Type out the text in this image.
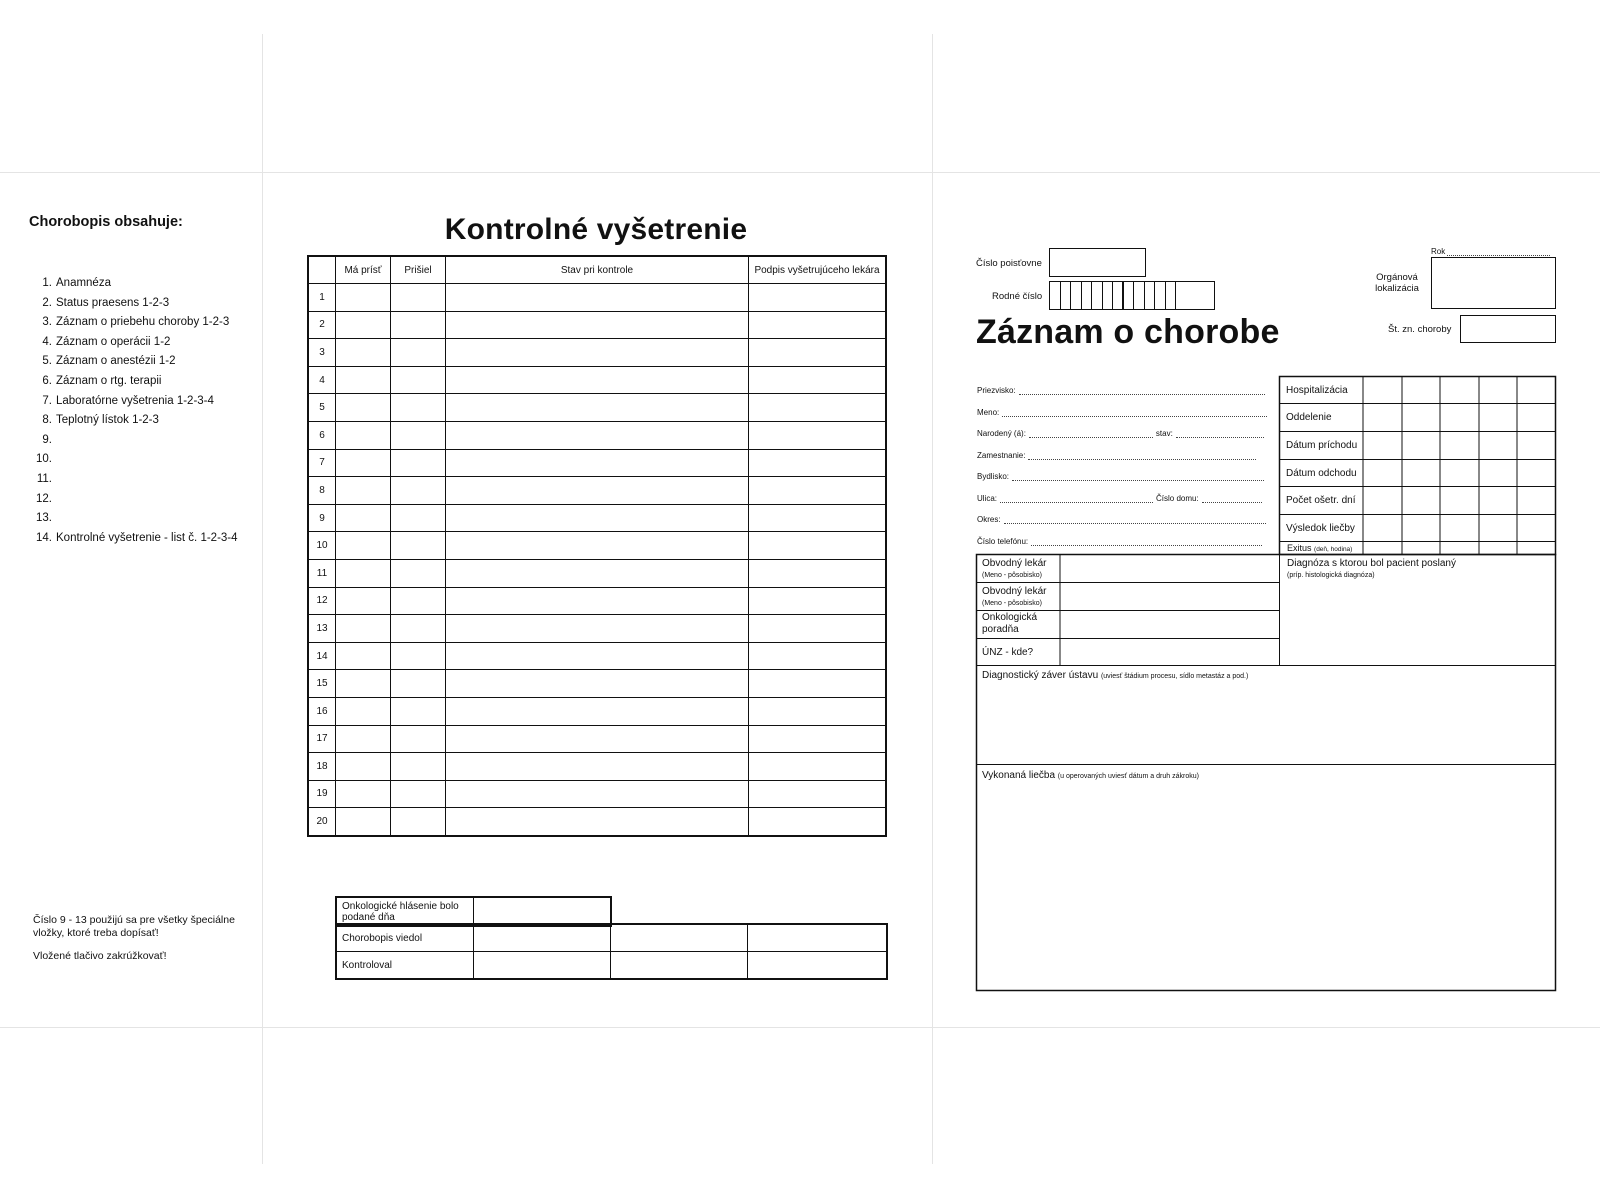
Chorobopis obsahuje:
1. Anamnéza
2. Status praesens 1-2-3
3. Záznam o priebehu choroby 1-2-3
4. Záznam o operácii 1-2
5. Záznam o anestézii 1-2
6. Záznam o rtg. terapii
7. Laboratórne vyšetrenia 1-2-3-4
8. Teplotný lístok 1-2-3
9.
10.
11.
12.
13.
14. Kontrolné vyšetrenie - list č. 1-2-3-4
Číslo 9 - 13 použijú sa pre všetky špeciálne vložky, ktoré treba dopísať!
Vložené tlačivo zakrúžkovať!
Kontrolné vyšetrenie
	Má prísť	Prišiel	Stav pri kontrole	Podpis vyšetrujúceho lekára
1				
2				
3				
4				
5				
6				
7				
8				
9				
10				
11				
12				
13				
14				
15				
16				
17				
18				
19				
20				
Onkologické hlásenie bolo podané dňa	
Chorobopis viedol			
Kontroloval			
Číslo poisťovne
Rodné číslo
Rok
Orgánová lokalizácia
Št. zn. choroby
Záznam o chorobe
Priezvisko:
Meno:
Narodený (á):	stav:
Zamestnanie:
Bydlisko:
Ulica:	Číslo domu:
Okres:
Číslo telefónu:
Hospitalizácia
Oddelenie
Dátum príchodu
Dátum odchodu
Počet ošetr. dní
Výsledok liečby
Exitus (deň, hodina)
Obvodný lekár
(Meno - pôsobisko)
Obvodný lekár
(Meno - pôsobisko)
Onkologická poradňa
ÚNZ - kde?
Diagnóza s ktorou bol pacient poslaný
(príp. histologická diagnóza)
Diagnostický záver ústavu (uviesť štádium procesu, sídlo metastáz a pod.)
Vykonaná liečba (u operovaných uviesť dátum a druh zákroku)
